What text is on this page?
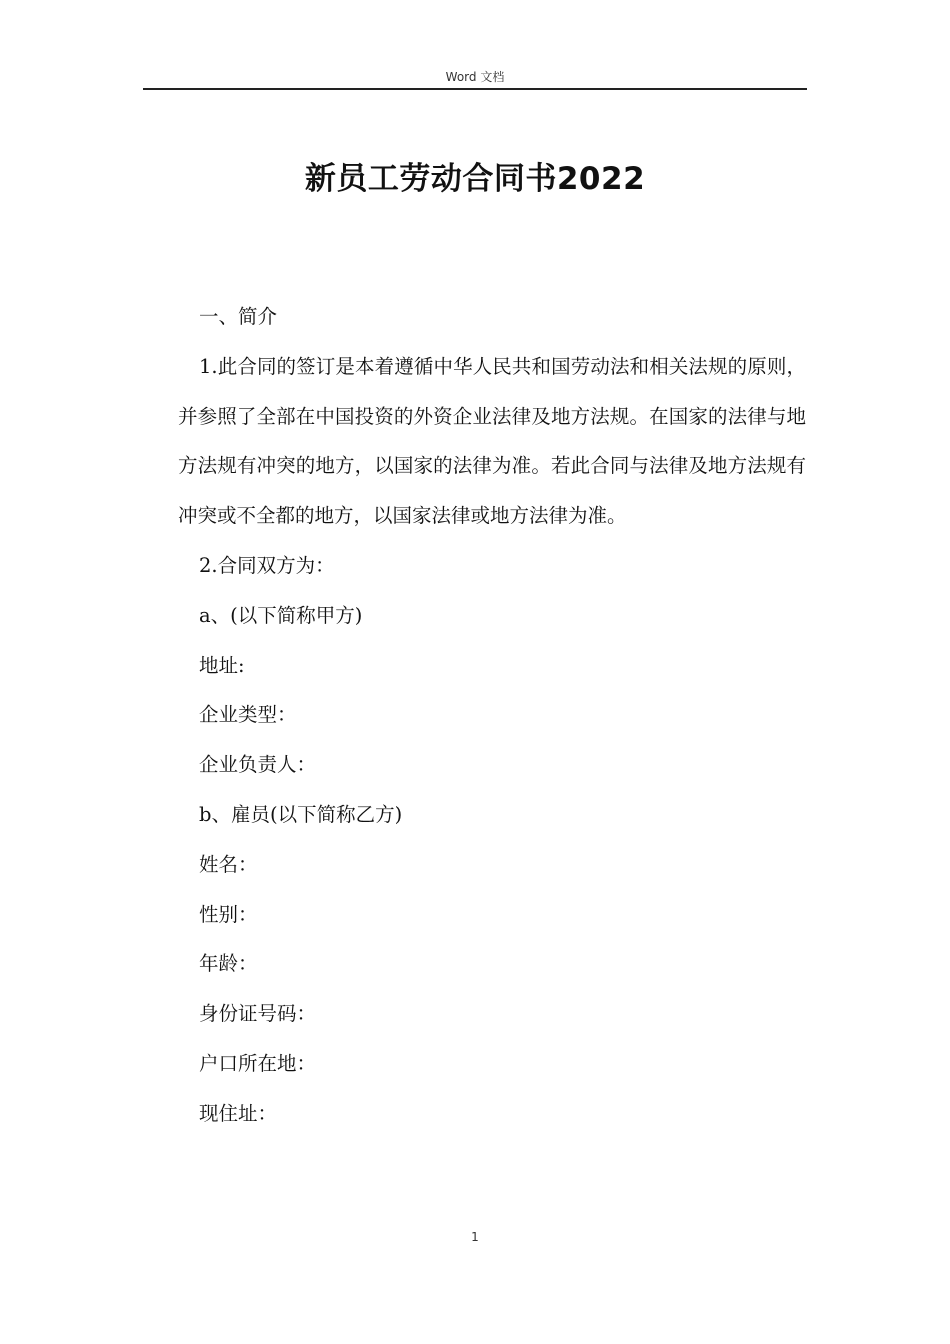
Word 文档
新员工劳动合同书2022

一、简介

1.此合同的签订是本着遵循中华人民共和国劳动法和相关法规的原则，并参照了全部在中国投资的外资企业法律及地方法规。在国家的法律与地方法规有冲突的地方，以国家的法律为准。若此合同与法律及地方法规有冲突或不全都的地方，以国家法律或地方法律为准。

2.合同双方为：

a、(以下简称甲方)

地址:

企业类型：

企业负责人：

b、雇员(以下简称乙方)

姓名：

性别：

年龄：

身份证号码：

户口所在地：

现住址：

1
